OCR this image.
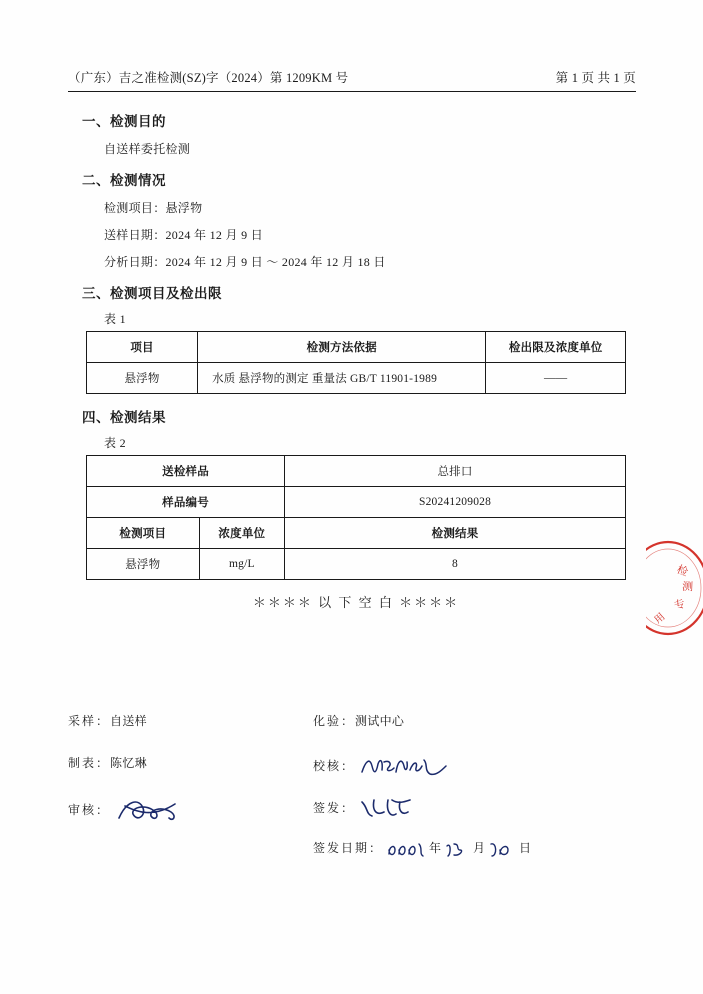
（广东）吉之准检测(SZ)字（2024）第 1209KM 号	第 1 页 共 1 页
一、检测目的
自送样委托检测
二、检测情况
检测项目：悬浮物
送样日期：2024 年 12 月 9 日
分析日期：2024 年 12 月 9 日 ～ 2024 年 12 月 18 日
三、检测项目及检出限
表 1
项目	检测方法依据	检出限及浓度单位
悬浮物	水质 悬浮物的测定 重量法 GB/T 11901-1989	——
四、检测结果
表 2
送检样品		总排口
样品编号		S20241209028
检测项目	浓度单位	检测结果
悬浮物	mg/L	8
＊＊＊＊ 以 下 空 白 ＊＊＊＊
检
测
专
用
采样：自送样	化验：测试中心
制表：陈忆琳	校核：
审核：	签发：
签发日期：	年	月	日
